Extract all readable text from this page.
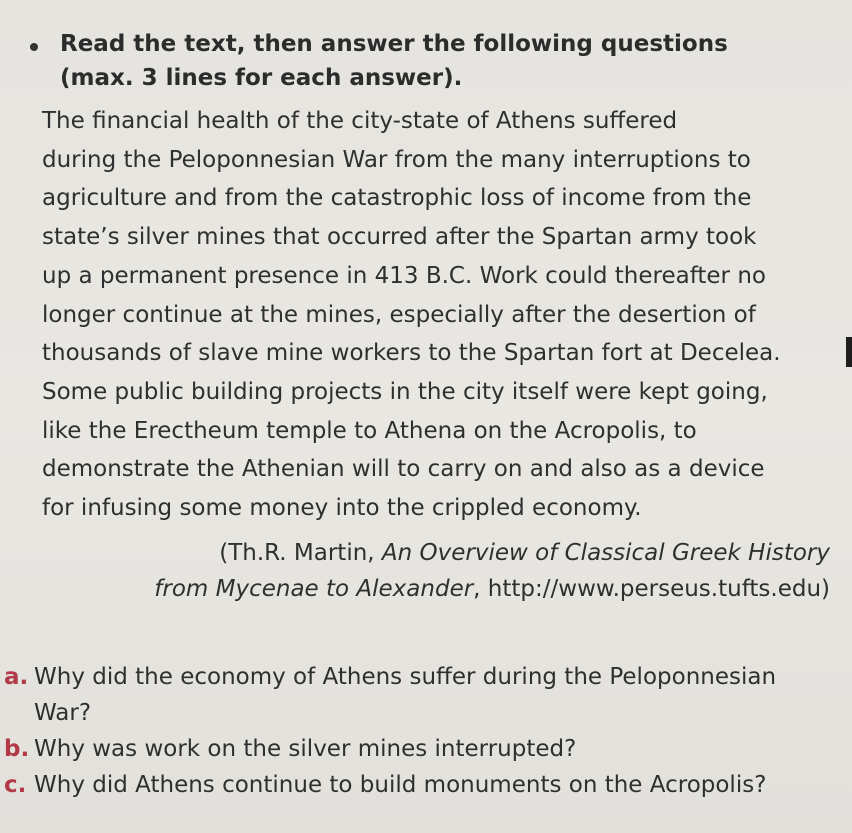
Read the text, then answer the following questions
(max. 3 lines for each answer).
The financial health of the city-state of Athens suffered
during the Peloponnesian War from the many interruptions to
agriculture and from the catastrophic loss of income from the
state’s silver mines that occurred after the Spartan army took
up a permanent presence in 413 B.C. Work could thereafter no
longer continue at the mines, especially after the desertion of
thousands of slave mine workers to the Spartan fort at Decelea.
Some public building projects in the city itself were kept going,
like the Erectheum temple to Athena on the Acropolis, to
demonstrate the Athenian will to carry on and also as a device
for infusing some money into the crippled economy.
(Th.R. Martin, An Overview of Classical Greek History
from Mycenae to Alexander, http://www.perseus.tufts.edu)
a. Why did the economy of Athens suffer during the Peloponnesian
War?
b. Why was work on the silver mines interrupted?
c. Why did Athens continue to build monuments on the Acropolis?
